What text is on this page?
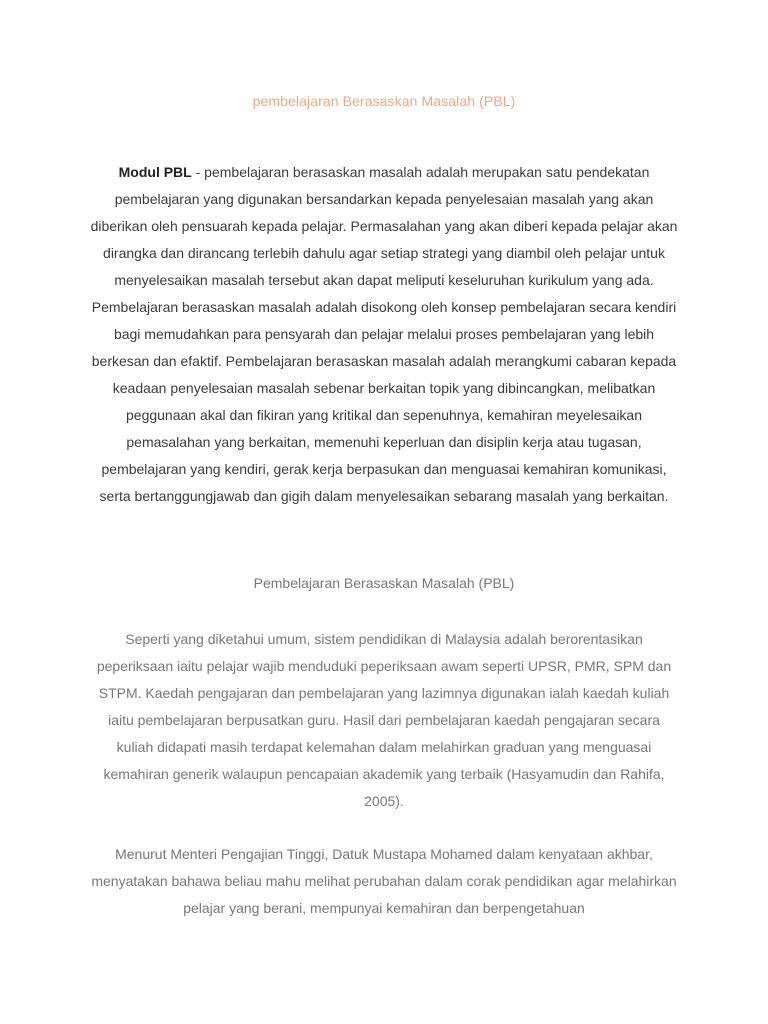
pembelajaran Berasaskan Masalah (PBL)

Modul PBL - pembelajaran berasaskan masalah adalah merupakan satu pendekatan pembelajaran yang digunakan bersandarkan kepada penyelesaian masalah yang akan diberikan oleh pensuarah kepada pelajar. Permasalahan yang akan diberi kepada pelajar akan dirangka dan dirancang terlebih dahulu agar setiap strategi yang diambil oleh pelajar untuk menyelesaikan masalah tersebut akan dapat meliputi keseluruhan kurikulum yang ada. Pembelajaran berasaskan masalah adalah disokong oleh konsep pembelajaran secara kendiri bagi memudahkan para pensyarah dan pelajar melalui proses pembelajaran yang lebih berkesan dan efaktif. Pembelajaran berasaskan masalah adalah merangkumi cabaran kepada keadaan penyelesaian masalah sebenar berkaitan topik yang dibincangkan, melibatkan peggunaan akal dan fikiran yang kritikal dan sepenuhnya, kemahiran meyelesaikan pemasalahan yang berkaitan, memenuhi keperluan dan disiplin kerja atau tugasan, pembelajaran yang kendiri, gerak kerja berpasukan dan menguasai kemahiran komunikasi, serta bertanggungjawab dan gigih dalam menyelesaikan sebarang masalah yang berkaitan.

Pembelajaran Berasaskan Masalah (PBL)

Seperti yang diketahui umum, sistem pendidikan di Malaysia adalah berorentasikan peperiksaan iaitu pelajar wajib menduduki peperiksaan awam seperti UPSR, PMR, SPM dan STPM. Kaedah pengajaran dan pembelajaran yang lazimnya digunakan ialah kaedah kuliah iaitu pembelajaran berpusatkan guru. Hasil dari pembelajaran kaedah pengajaran secara kuliah didapati masih terdapat kelemahan dalam melahirkan graduan yang menguasai kemahiran generik walaupun pencapaian akademik yang terbaik (Hasyamudin dan Rahifa, 2005).

Menurut Menteri Pengajian Tinggi, Datuk Mustapa Mohamed dalam kenyataan akhbar, menyatakan bahawa beliau mahu melihat perubahan dalam corak pendidikan agar melahirkan pelajar yang berani, mempunyai kemahiran dan berpengetahuan
